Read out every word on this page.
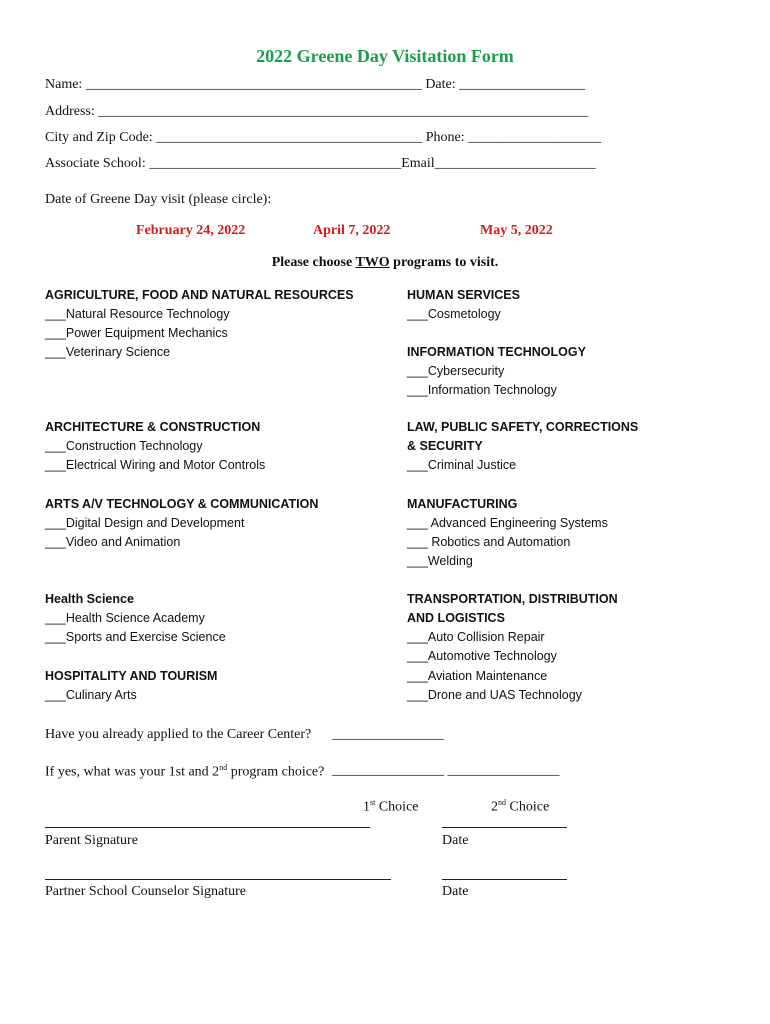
2022 Greene Day Visitation Form
Name: ________________________________________________ Date: __________________
Address: ______________________________________________________________________
City and Zip Code: ______________________________________ Phone: ___________________
Associate School: ____________________________________Email_______________________
Date of Greene Day visit (please circle):
February 24, 2022	April 7, 2022	May 5, 2022
Please choose TWO programs to visit.
AGRICULTURE, FOOD AND NATURAL RESOURCES
___Natural Resource Technology
___Power Equipment Mechanics
___Veterinary Science
ARCHITECTURE & CONSTRUCTION
___Construction Technology
___Electrical Wiring and Motor Controls
ARTS A/V TECHNOLOGY & COMMUNICATION
___Digital Design and Development
___Video and Animation
Health Science
___Health Science Academy
___Sports and Exercise Science
HOSPITALITY AND TOURISM
___Culinary Arts
HUMAN SERVICES
___Cosmetology
INFORMATION TECHNOLOGY
___Cybersecurity
___Information Technology
LAW, PUBLIC SAFETY, CORRECTIONS
& SECURITY
___Criminal Justice
MANUFACTURING
___ Advanced Engineering Systems
___ Robotics and Automation
___Welding
TRANSPORTATION, DISTRIBUTION
AND LOGISTICS
___Auto Collision Repair
___Automotive Technology
___Aviation Maintenance
___Drone and UAS Technology
Have you already applied to the Career Center? ________________
If yes, what was your 1st and 2nd program choice? ________________ ________________
1st Choice	2nd Choice
Parent Signature	Date
Partner School Counselor Signature	Date
